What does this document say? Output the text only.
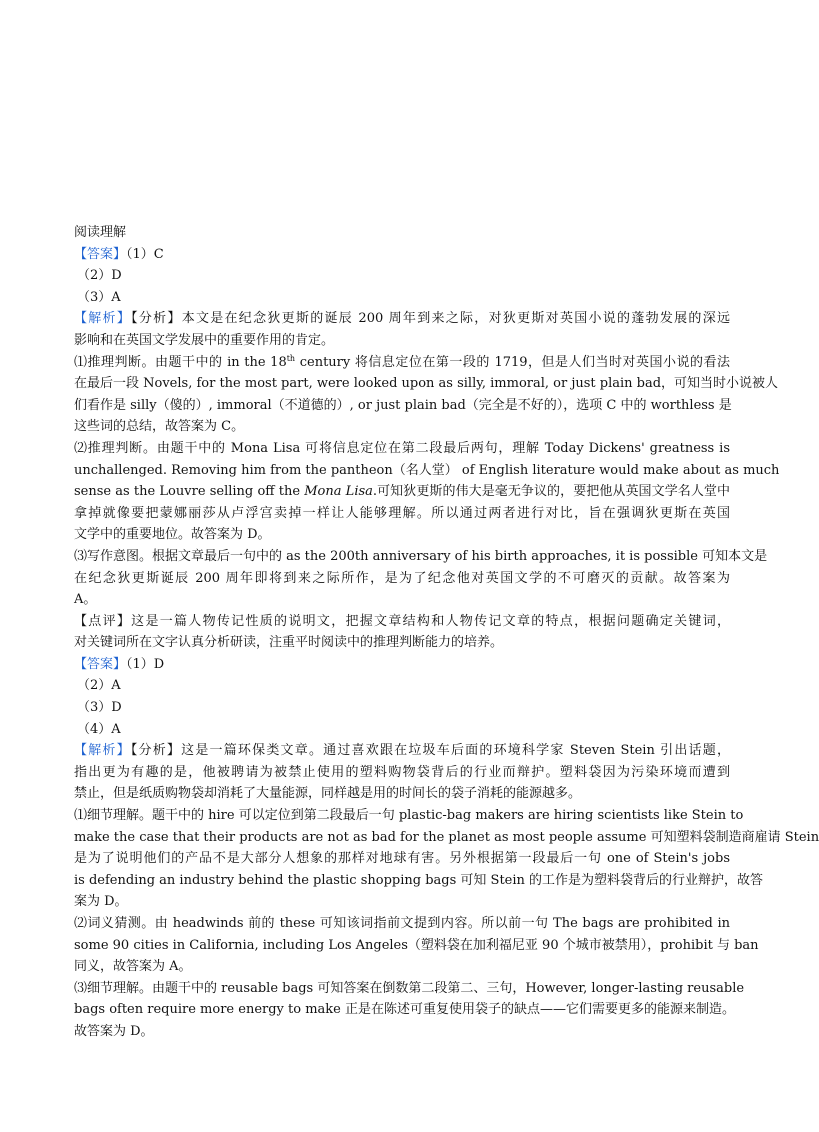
阅读理解
【答案】（1）C
（2）D
（3）A
【解析】【分析】本文是在纪念狄更斯的诞辰 200 周年到来之际，对狄更斯对英国小说的蓬勃发展的深远
影响和在英国文学发展中的重要作用的肯定。
⑴推理判断。由题干中的 in the 18th century 将信息定位在第一段的 1719，但是人们当时对英国小说的看法
在最后一段 Novels, for the most part, were looked upon as silly, immoral, or just plain bad，可知当时小说被人
们看作是 silly（傻的）, immoral（不道德的）, or just plain bad（完全是不好的），选项 C 中的 worthless 是
这些词的总结，故答案为 C。
⑵推理判断。由题干中的 Mona Lisa 可将信息定位在第二段最后两句，理解 Today Dickens' greatness is
unchallenged. Removing him from the pantheon（名人堂） of English literature would make about as much
sense as the Louvre selling off the Mona Lisa.可知狄更斯的伟大是毫无争议的，要把他从英国文学名人堂中
拿掉就像要把蒙娜丽莎从卢浮宫卖掉一样让人能够理解。所以通过两者进行对比，旨在强调狄更斯在英国
文学中的重要地位。故答案为 D。
⑶写作意图。根据文章最后一句中的 as the 200th anniversary of his birth approaches, it is possible 可知本文是
在纪念狄更斯诞辰 200 周年即将到来之际所作，是为了纪念他对英国文学的不可磨灭的贡献。故答案为
A。
【点评】这是一篇人物传记性质的说明文，把握文章结构和人物传记文章的特点，根据问题确定关键词，
对关键词所在文字认真分析研读，注重平时阅读中的推理判断能力的培养。
【答案】（1）D
（2）A
（3）D
（4）A
【解析】【分析】这是一篇环保类文章。通过喜欢跟在垃圾车后面的环境科学家 Steven Stein 引出话题，
指出更为有趣的是，他被聘请为被禁止使用的塑料购物袋背后的行业而辩护。塑料袋因为污染环境而遭到
禁止，但是纸质购物袋却消耗了大量能源，同样越是用的时间长的袋子消耗的能源越多。
⑴细节理解。题干中的 hire 可以定位到第二段最后一句 plastic-bag makers are hiring scientists like Stein to
make the case that their products are not as bad for the planet as most people assume 可知塑料袋制造商雇请 Stein
是为了说明他们的产品不是大部分人想象的那样对地球有害。另外根据第一段最后一句 one of Stein's jobs
is defending an industry behind the plastic shopping bags 可知 Stein 的工作是为塑料袋背后的行业辩护，故答
案为 D。
⑵词义猜测。由 headwinds 前的 these 可知该词指前文提到内容。所以前一句 The bags are prohibited in
some 90 cities in California, including Los Angeles（塑料袋在加利福尼亚 90 个城市被禁用），prohibit 与 ban
同义，故答案为 A。
⑶细节理解。由题干中的 reusable bags 可知答案在倒数第二段第二、三句，However, longer-lasting reusable
bags often require more energy to make 正是在陈述可重复使用袋子的缺点——它们需要更多的能源来制造。
故答案为 D。
